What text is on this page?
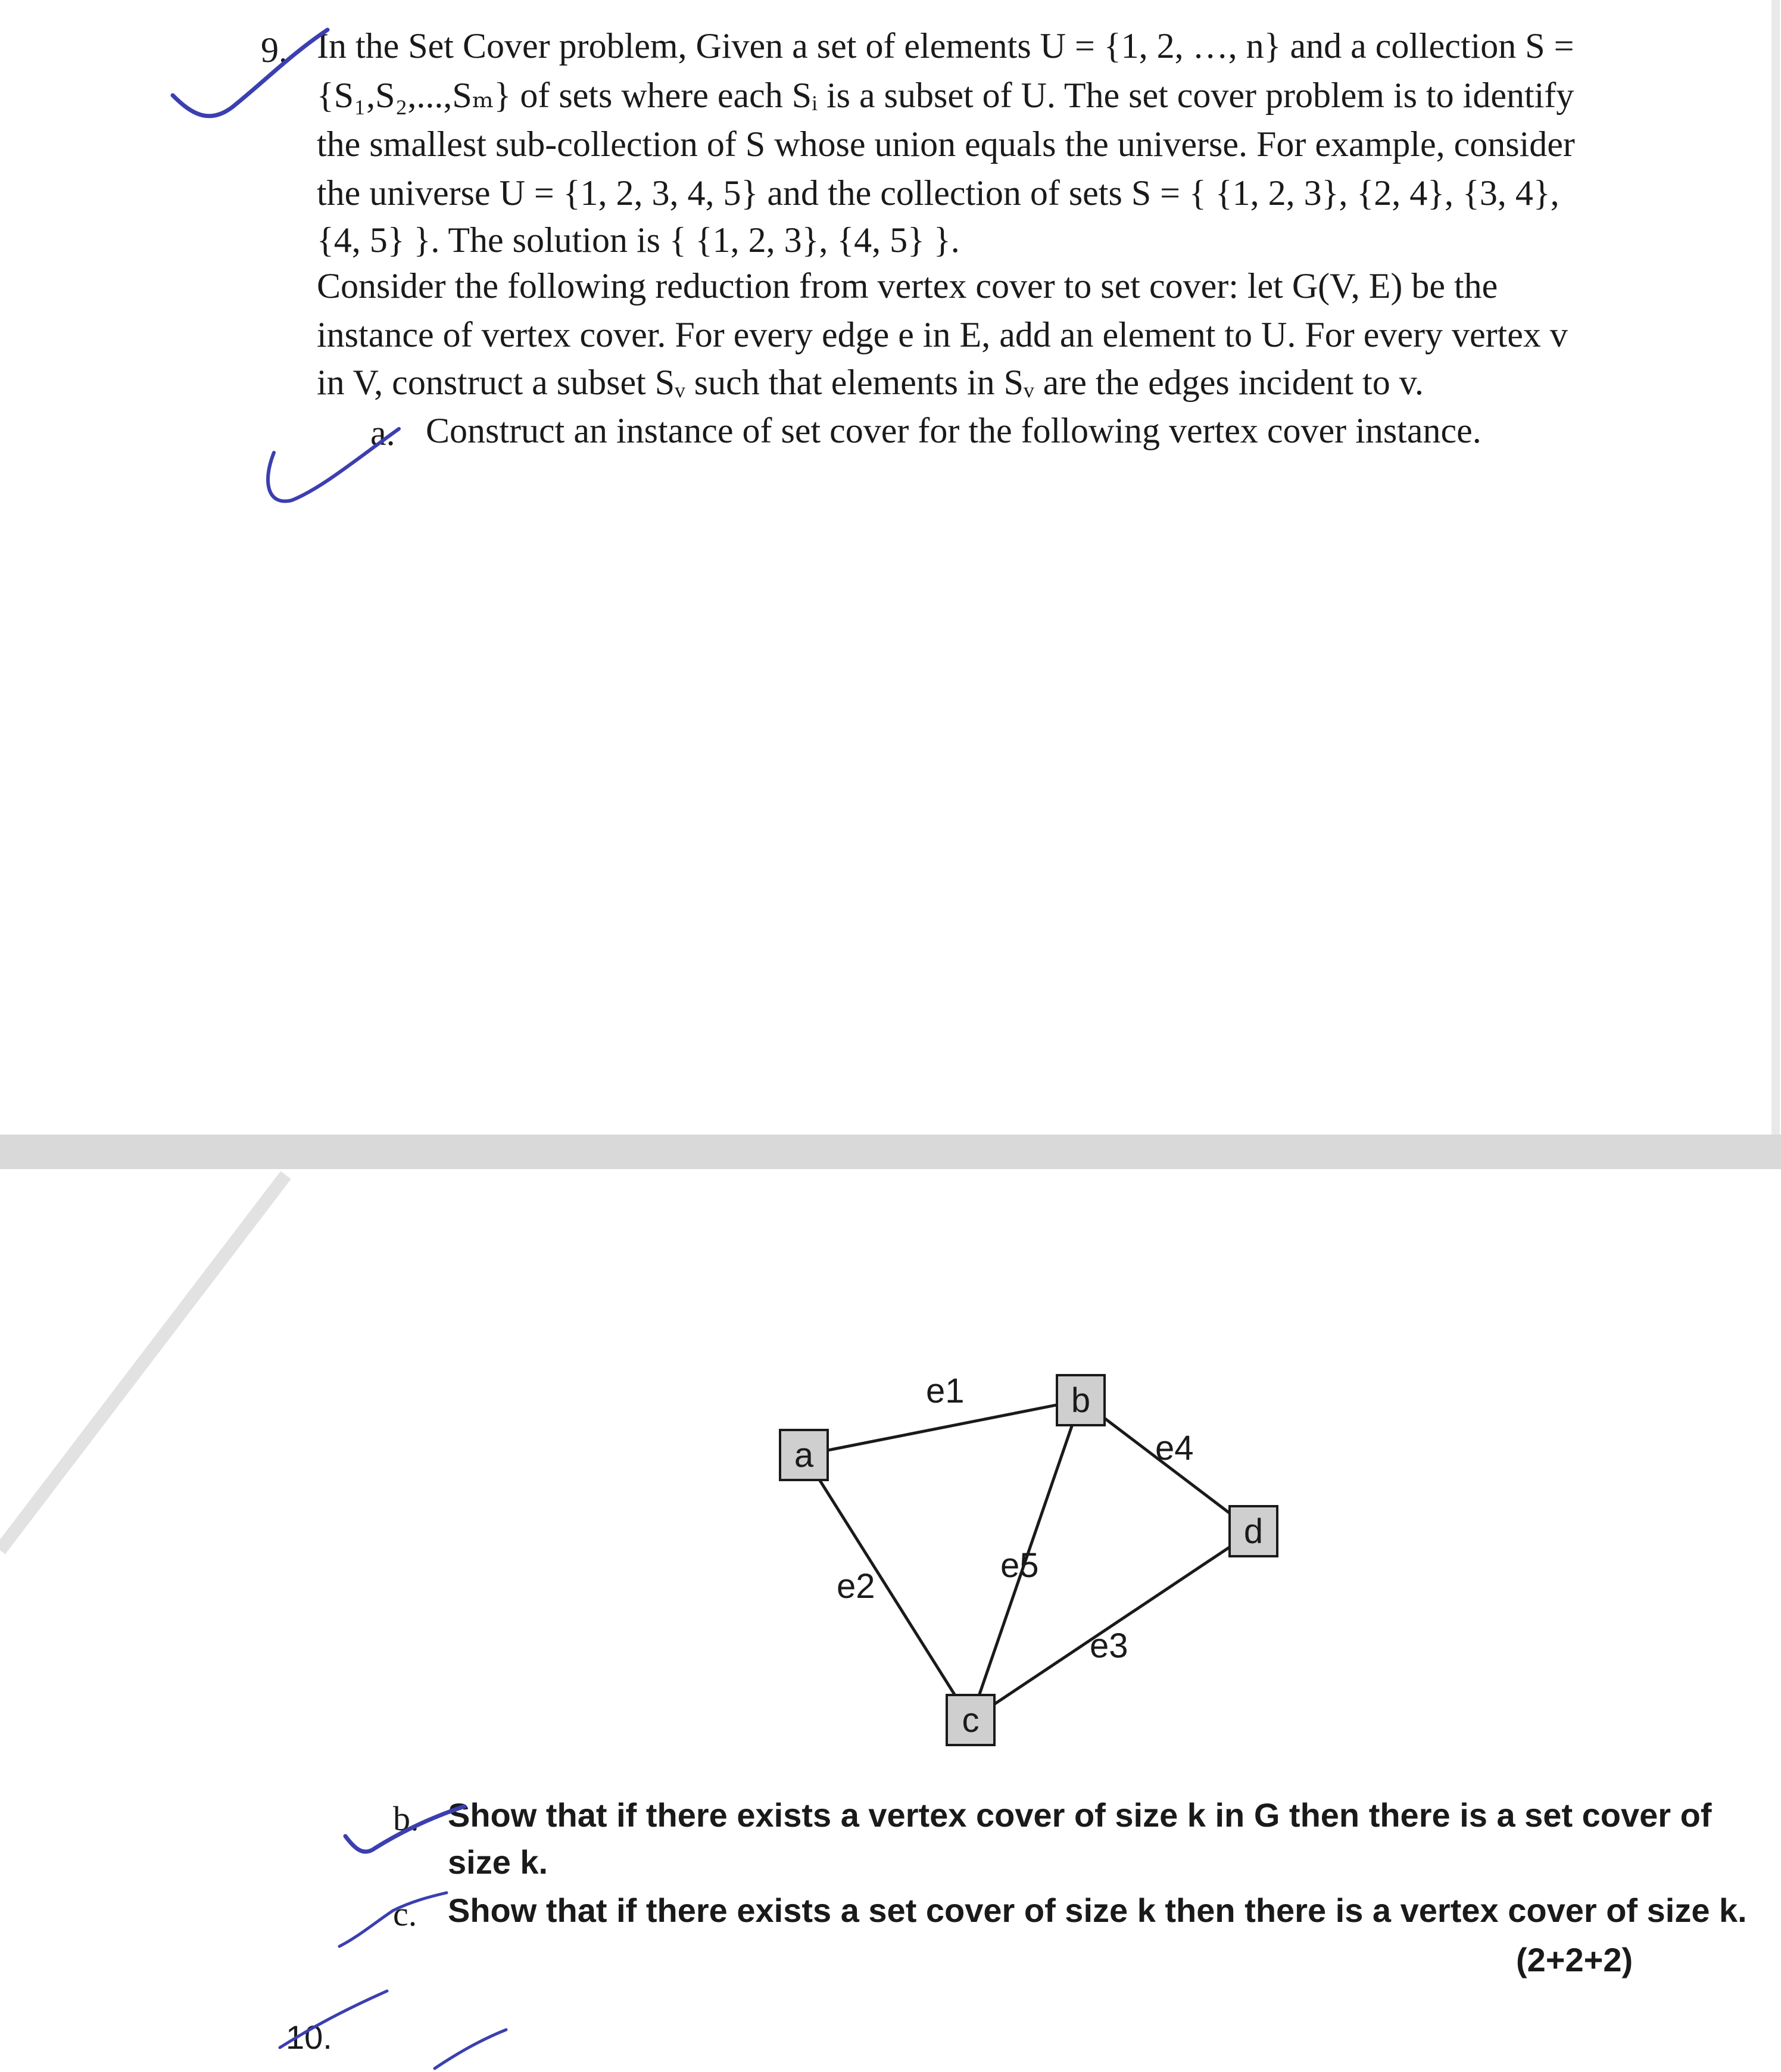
9. In the Set Cover problem, Given a set of elements U = {1, 2, …, n} and a collection S =
{S₁,S₂,...,Sₘ} of sets where each Sᵢ is a subset of U. The set cover problem is to identify
the smallest sub-collection of S whose union equals the universe. For example, consider
the universe U = {1, 2, 3, 4, 5} and the collection of sets S = { {1, 2, 3}, {2, 4}, {3, 4},
{4, 5} }. The solution is { {1, 2, 3}, {4, 5} }.
Consider the following reduction from vertex cover to set cover: let G(V, E) be the
instance of vertex cover. For every edge e in E, add an element to U. For every vertex v
in V, construct a subset Sᵥ such that elements in Sᵥ are the edges incident to v.
a. Construct an instance of set cover for the following vertex cover instance.
a
b
c
d
e1
e2
e5
e4
e3
b. Show that if there exists a vertex cover of size k in G then there is a set cover of
size k.
c. Show that if there exists a set cover of size k then there is a vertex cover of size k.
(2+2+2)
10.
